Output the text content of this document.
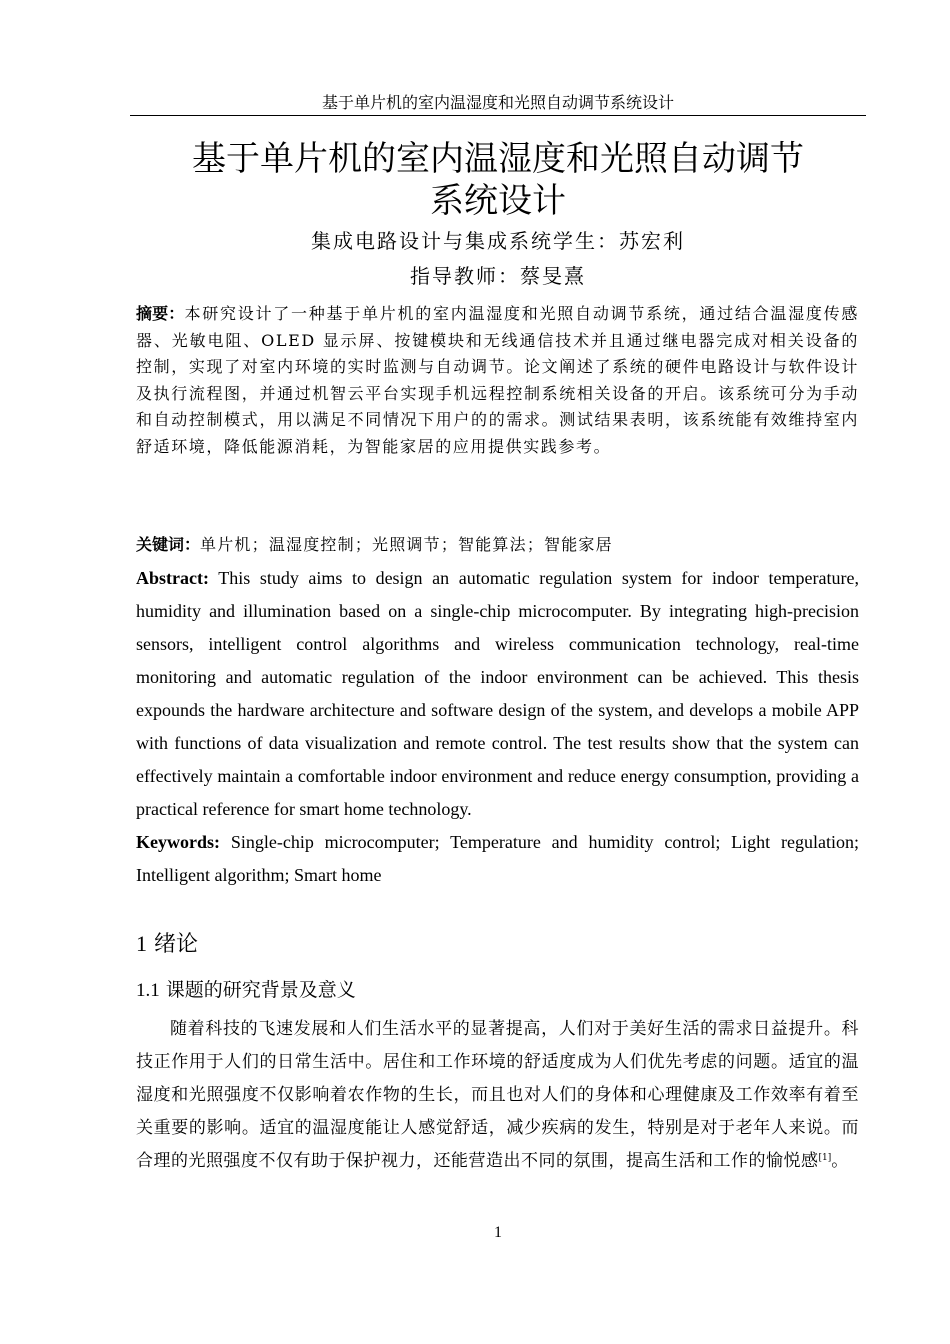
基于单片机的室内温湿度和光照自动调节系统设计
基于单片机的室内温湿度和光照自动调节
系统设计
集成电路设计与集成系统学生：苏宏利
指导教师：蔡旻熹

摘要：本研究设计了一种基于单片机的室内温湿度和光照自动调节系统，通过结合温湿度传感器、光敏电阻、OLED 显示屏、按键模块和无线通信技术并且通过继电器完成对相关设备的控制，实现了对室内环境的实时监测与自动调节。论文阐述了系统的硬件电路设计与软件设计及执行流程图，并通过机智云平台实现手机远程控制系统相关设备的开启。该系统可分为手动和自动控制模式，用以满足不同情况下用户的的需求。测试结果表明，该系统能有效维持室内舒适环境，降低能源消耗，为智能家居的应用提供实践参考。

关键词：单片机；温湿度控制；光照调节；智能算法；智能家居

Abstract: This study aims to design an automatic regulation system for indoor temperature, humidity and illumination based on a single-chip microcomputer. By integrating high-precision sensors, intelligent control algorithms and wireless communication technology, real-time monitoring and automatic regulation of the indoor environment can be achieved. This thesis expounds the hardware architecture and software design of the system, and develops a mobile APP with functions of data visualization and remote control. The test results show that the system can effectively maintain a comfortable indoor environment and reduce energy consumption, providing a practical reference for smart home technology.

Keywords: Single-chip microcomputer; Temperature and humidity control; Light regulation; Intelligent algorithm; Smart home

1 绪论
1.1 课题的研究背景及意义

随着科技的飞速发展和人们生活水平的显著提高，人们对于美好生活的需求日益提升。科技正作用于人们的日常生活中。居住和工作环境的舒适度成为人们优先考虑的问题。适宜的温湿度和光照强度不仅影响着农作物的生长，而且也对人们的身体和心理健康及工作效率有着至关重要的影响。适宜的温湿度能让人感觉舒适，减少疾病的发生，特别是对于老年人来说。而合理的光照强度不仅有助于保护视力，还能营造出不同的氛围，提高生活和工作的愉悦感[1]。

1
